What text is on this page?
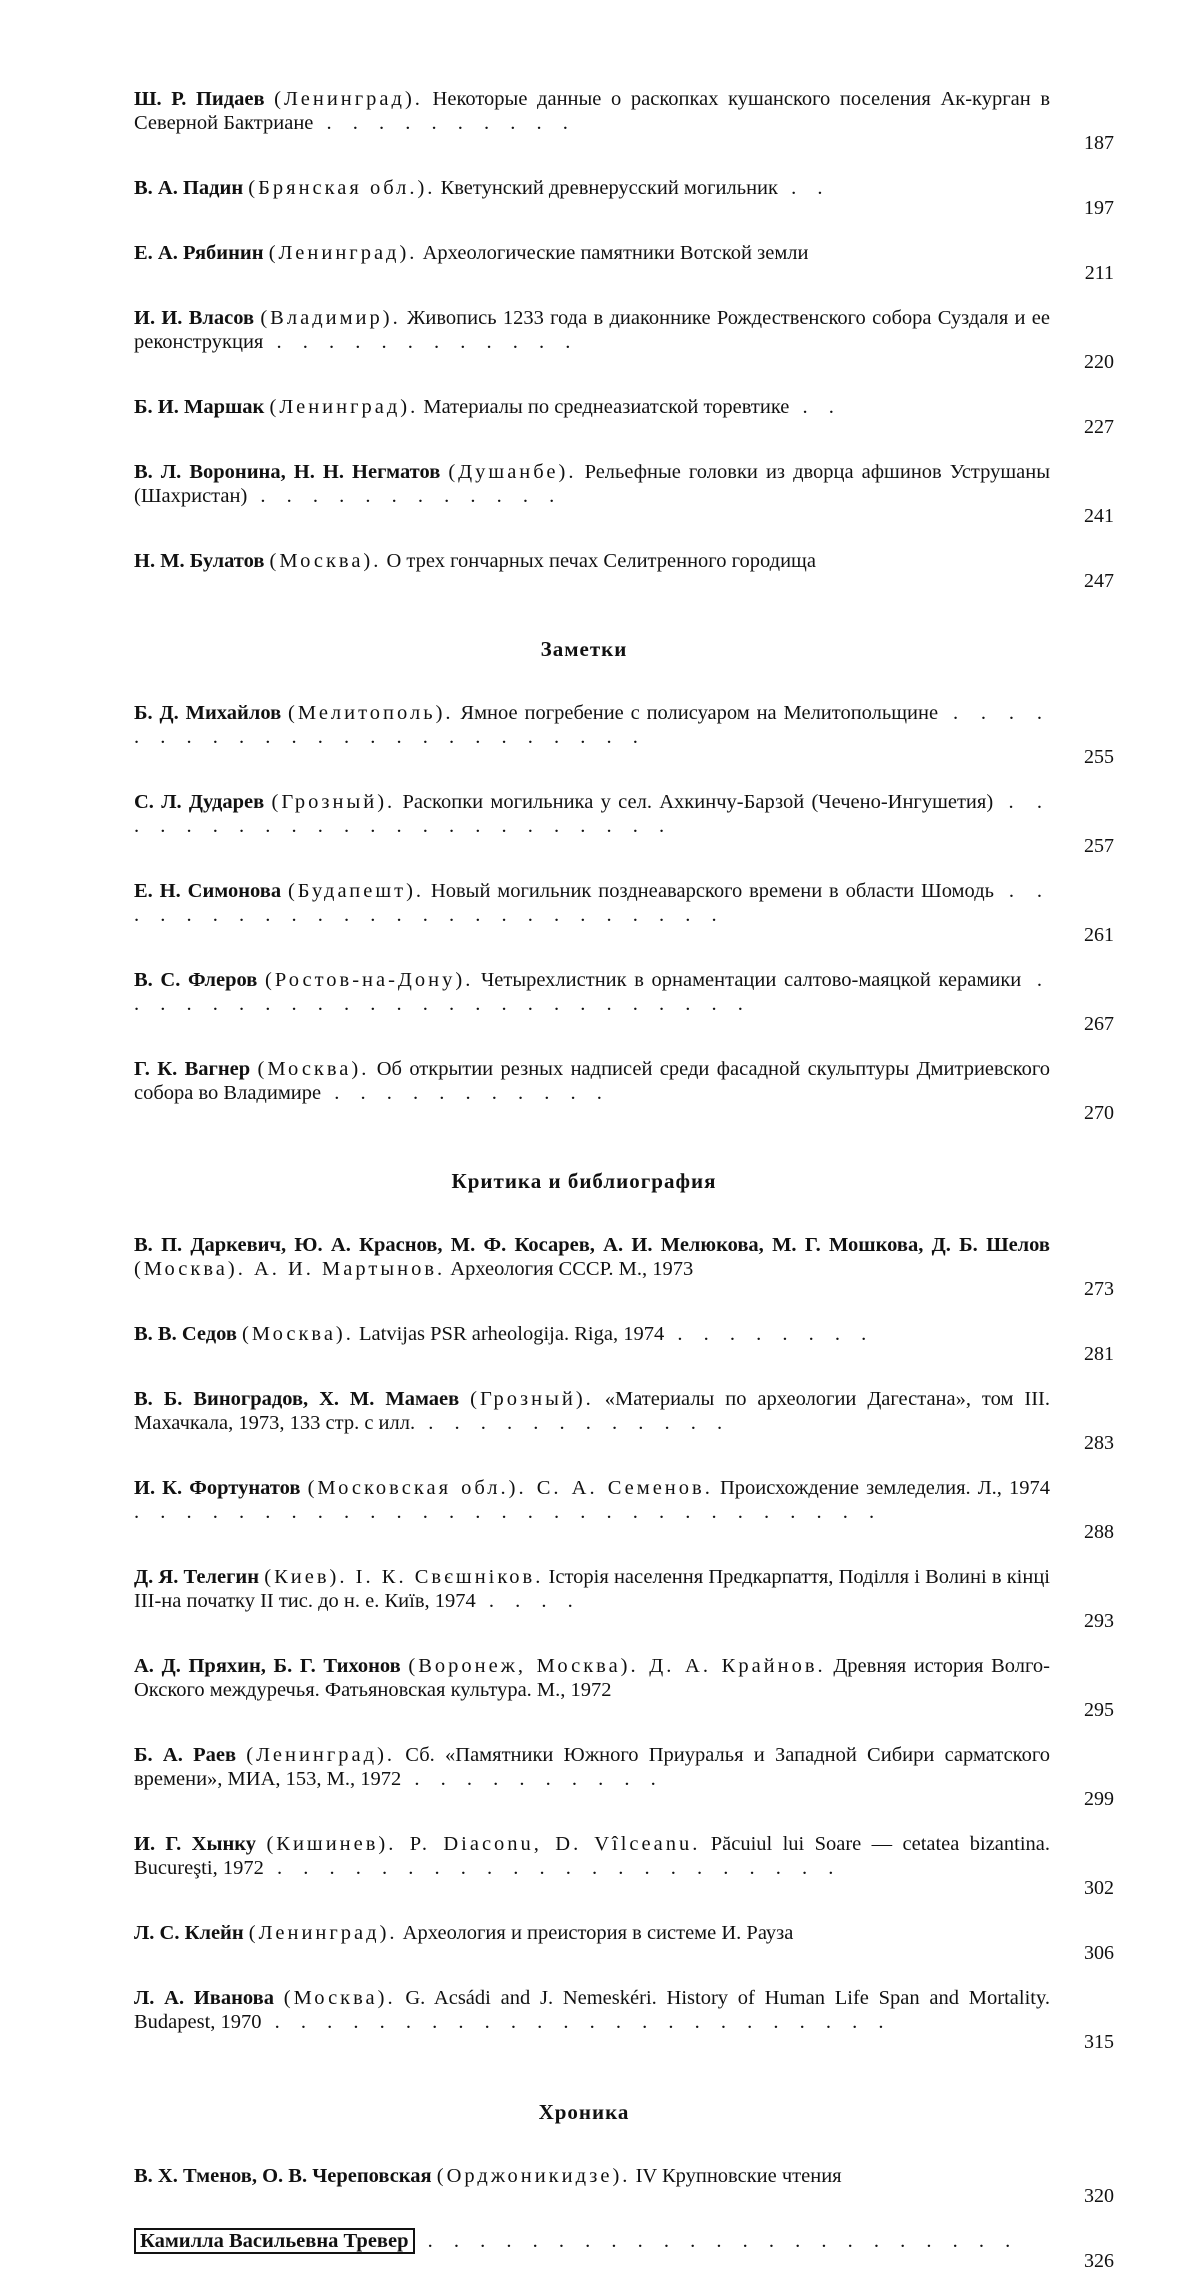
Ш. Р. Пидаев (Ленинград). Некоторые данные о раскопках кушанского поселения Ак-курган в Северной Бактриане . . . . . . . . . .

187

В. А. Падин (Брянская обл.). Кветунский древнерусский могильник . .

197

Е. А. Рябинин (Ленинград). Археологические памятники Вотской земли

211

И. И. Власов (Владимир). Живопись 1233 года в диаконнике Рождественского собора Суздаля и ее реконструкция . . . . . . . . . . . .

220

Б. И. Маршак (Ленинград). Материалы по среднеазиатской торевтике . .

227

В. Л. Воронина, Н. Н. Негматов (Душанбе). Рельефные головки из дворца афшинов Уструшаны (Шахристан) . . . . . . . . . . . .

241

Н. М. Булатов (Москва). О трех гончарных печах Селитренного городища

247
Заметки

Б. Д. Михайлов (Мелитополь). Ямное погребение с полисуаром на Мелитопольщине . . . . . . . . . . . . . . . . . . . . . . . .

255

С. Л. Дударев (Грозный). Раскопки могильника у сел. Ахкинчу-Барзой (Чечено-Ингушетия) . . . . . . . . . . . . . . . . . . . . . . .

257

Е. Н. Симонова (Будапешт). Новый могильник позднеаварского времени в области Шомодь . . . . . . . . . . . . . . . . . . . . . . . . .

261

В. С. Флеров (Ростов-на-Дону). Четырехлистник в орнаментации салтово-маяцкой керамики . . . . . . . . . . . . . . . . . . . . . . . . .

267

Г. К. Вагнер (Москва). Об открытии резных надписей среди фасадной скульптуры Дмитриевского собора во Владимире . . . . . . . . . . .

270
Критика и библиография

В. П. Даркевич, Ю. А. Краснов, М. Ф. Косарев, А. И. Мелюкова, М. Г. Мошкова, Д. Б. Шелов (Москва). А. И. Мартынов. Археология СССР. М., 1973

273

В. В. Седов (Москва). Latvijas PSR arheologija. Riga, 1974 . . . . . . . .

281

В. Б. Виноградов, Х. М. Мамаев (Грозный). «Материалы по археологии Дагестана», том III. Махачкала, 1973, 133 стр. с илл. . . . . . . . . . . . .

283

И. К. Фортунатов (Московская обл.). С. А. Семенов. Происхождение земледелия. Л., 1974 . . . . . . . . . . . . . . . . . . . . . . . . . . . . .

288

Д. Я. Телегин (Киев). І. К. Свєшніков. Історія населення Предкарпаття, Поділля і Волині в кінці III-на початку II тис. до н. е. Київ, 1974 . . . .

293

А. Д. Пряхин, Б. Г. Тихонов (Воронеж, Москва). Д. А. Крайнов. Древняя история Волго-Окского междуречья. Фатьяновская культура. М., 1972

295

Б. А. Раев (Ленинград). Сб. «Памятники Южного Приуралья и Западной Сибири сарматского времени», МИА, 153, М., 1972 . . . . . . . . . .

299

И. Г. Хынку (Кишинев). P. Diaconu, D. Vîlceanu. Păcuiul lui Soare — cetatea bizantina. Bucureşti, 1972 . . . . . . . . . . . . . . . . . . . . . .

302

Л. С. Клейн (Ленинград). Археология и преистория в системе И. Рауза

306

Л. А. Иванова (Москва). G. Acsádi and J. Nemeskéri. History of Human Life Span and Mortality. Budapest, 1970 . . . . . . . . . . . . . . . . . . . . . . . .

315
Хроника

В. Х. Тменов, О. В. Череповская (Орджоникидзе). IV Крупновские чтения

320

Камилла Васильевна Тревер . . . . . . . . . . . . . . . . . . . . . . .

326
